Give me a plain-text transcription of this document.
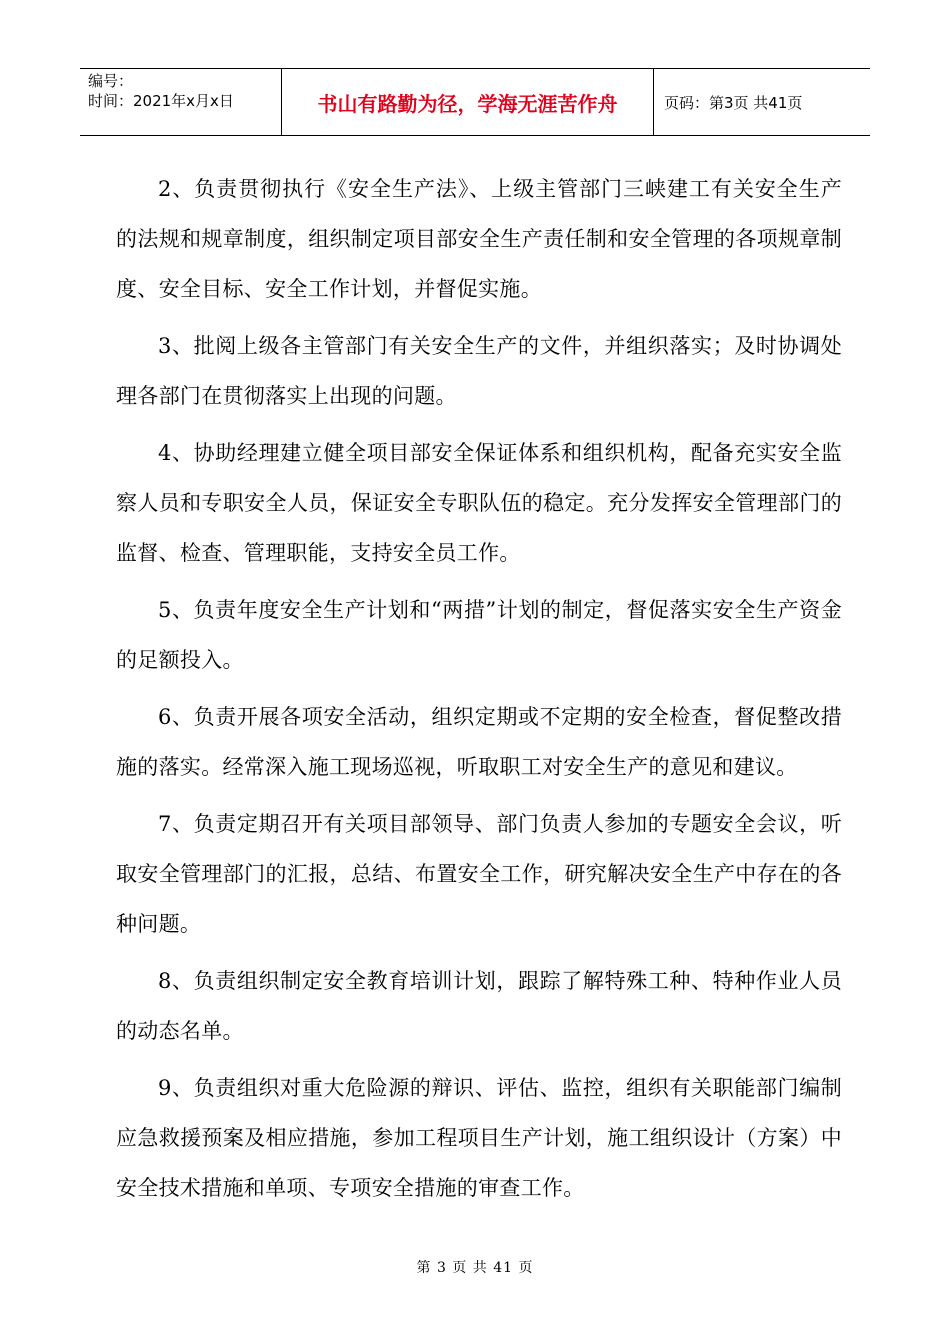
编号：
时间：2021年x月x日	书山有路勤为径，学海无涯苦作舟	页码：第3页 共41页

2、负责贯彻执行《安全生产法》、上级主管部门三峡建工有关安全生产的法规和规章制度，组织制定项目部安全生产责任制和安全管理的各项规章制度、安全目标、安全工作计划，并督促实施。

3、批阅上级各主管部门有关安全生产的文件，并组织落实；及时协调处理各部门在贯彻落实上出现的问题。

4、协助经理建立健全项目部安全保证体系和组织机构，配备充实安全监察人员和专职安全人员，保证安全专职队伍的稳定。充分发挥安全管理部门的监督、检查、管理职能，支持安全员工作。

5、负责年度安全生产计划和“两措”计划的制定，督促落实安全生产资金的足额投入。

6、负责开展各项安全活动，组织定期或不定期的安全检查，督促整改措施的落实。经常深入施工现场巡视，听取职工对安全生产的意见和建议。

7、负责定期召开有关项目部领导、部门负责人参加的专题安全会议，听取安全管理部门的汇报，总结、布置安全工作，研究解决安全生产中存在的各种问题。

8、负责组织制定安全教育培训计划，跟踪了解特殊工种、特种作业人员的动态名单。

9、负责组织对重大危险源的辩识、评估、监控，组织有关职能部门编制应急救援预案及相应措施，参加工程项目生产计划，施工组织设计（方案）中安全技术措施和单项、专项安全措施的审查工作。

第 3 页 共 41 页
